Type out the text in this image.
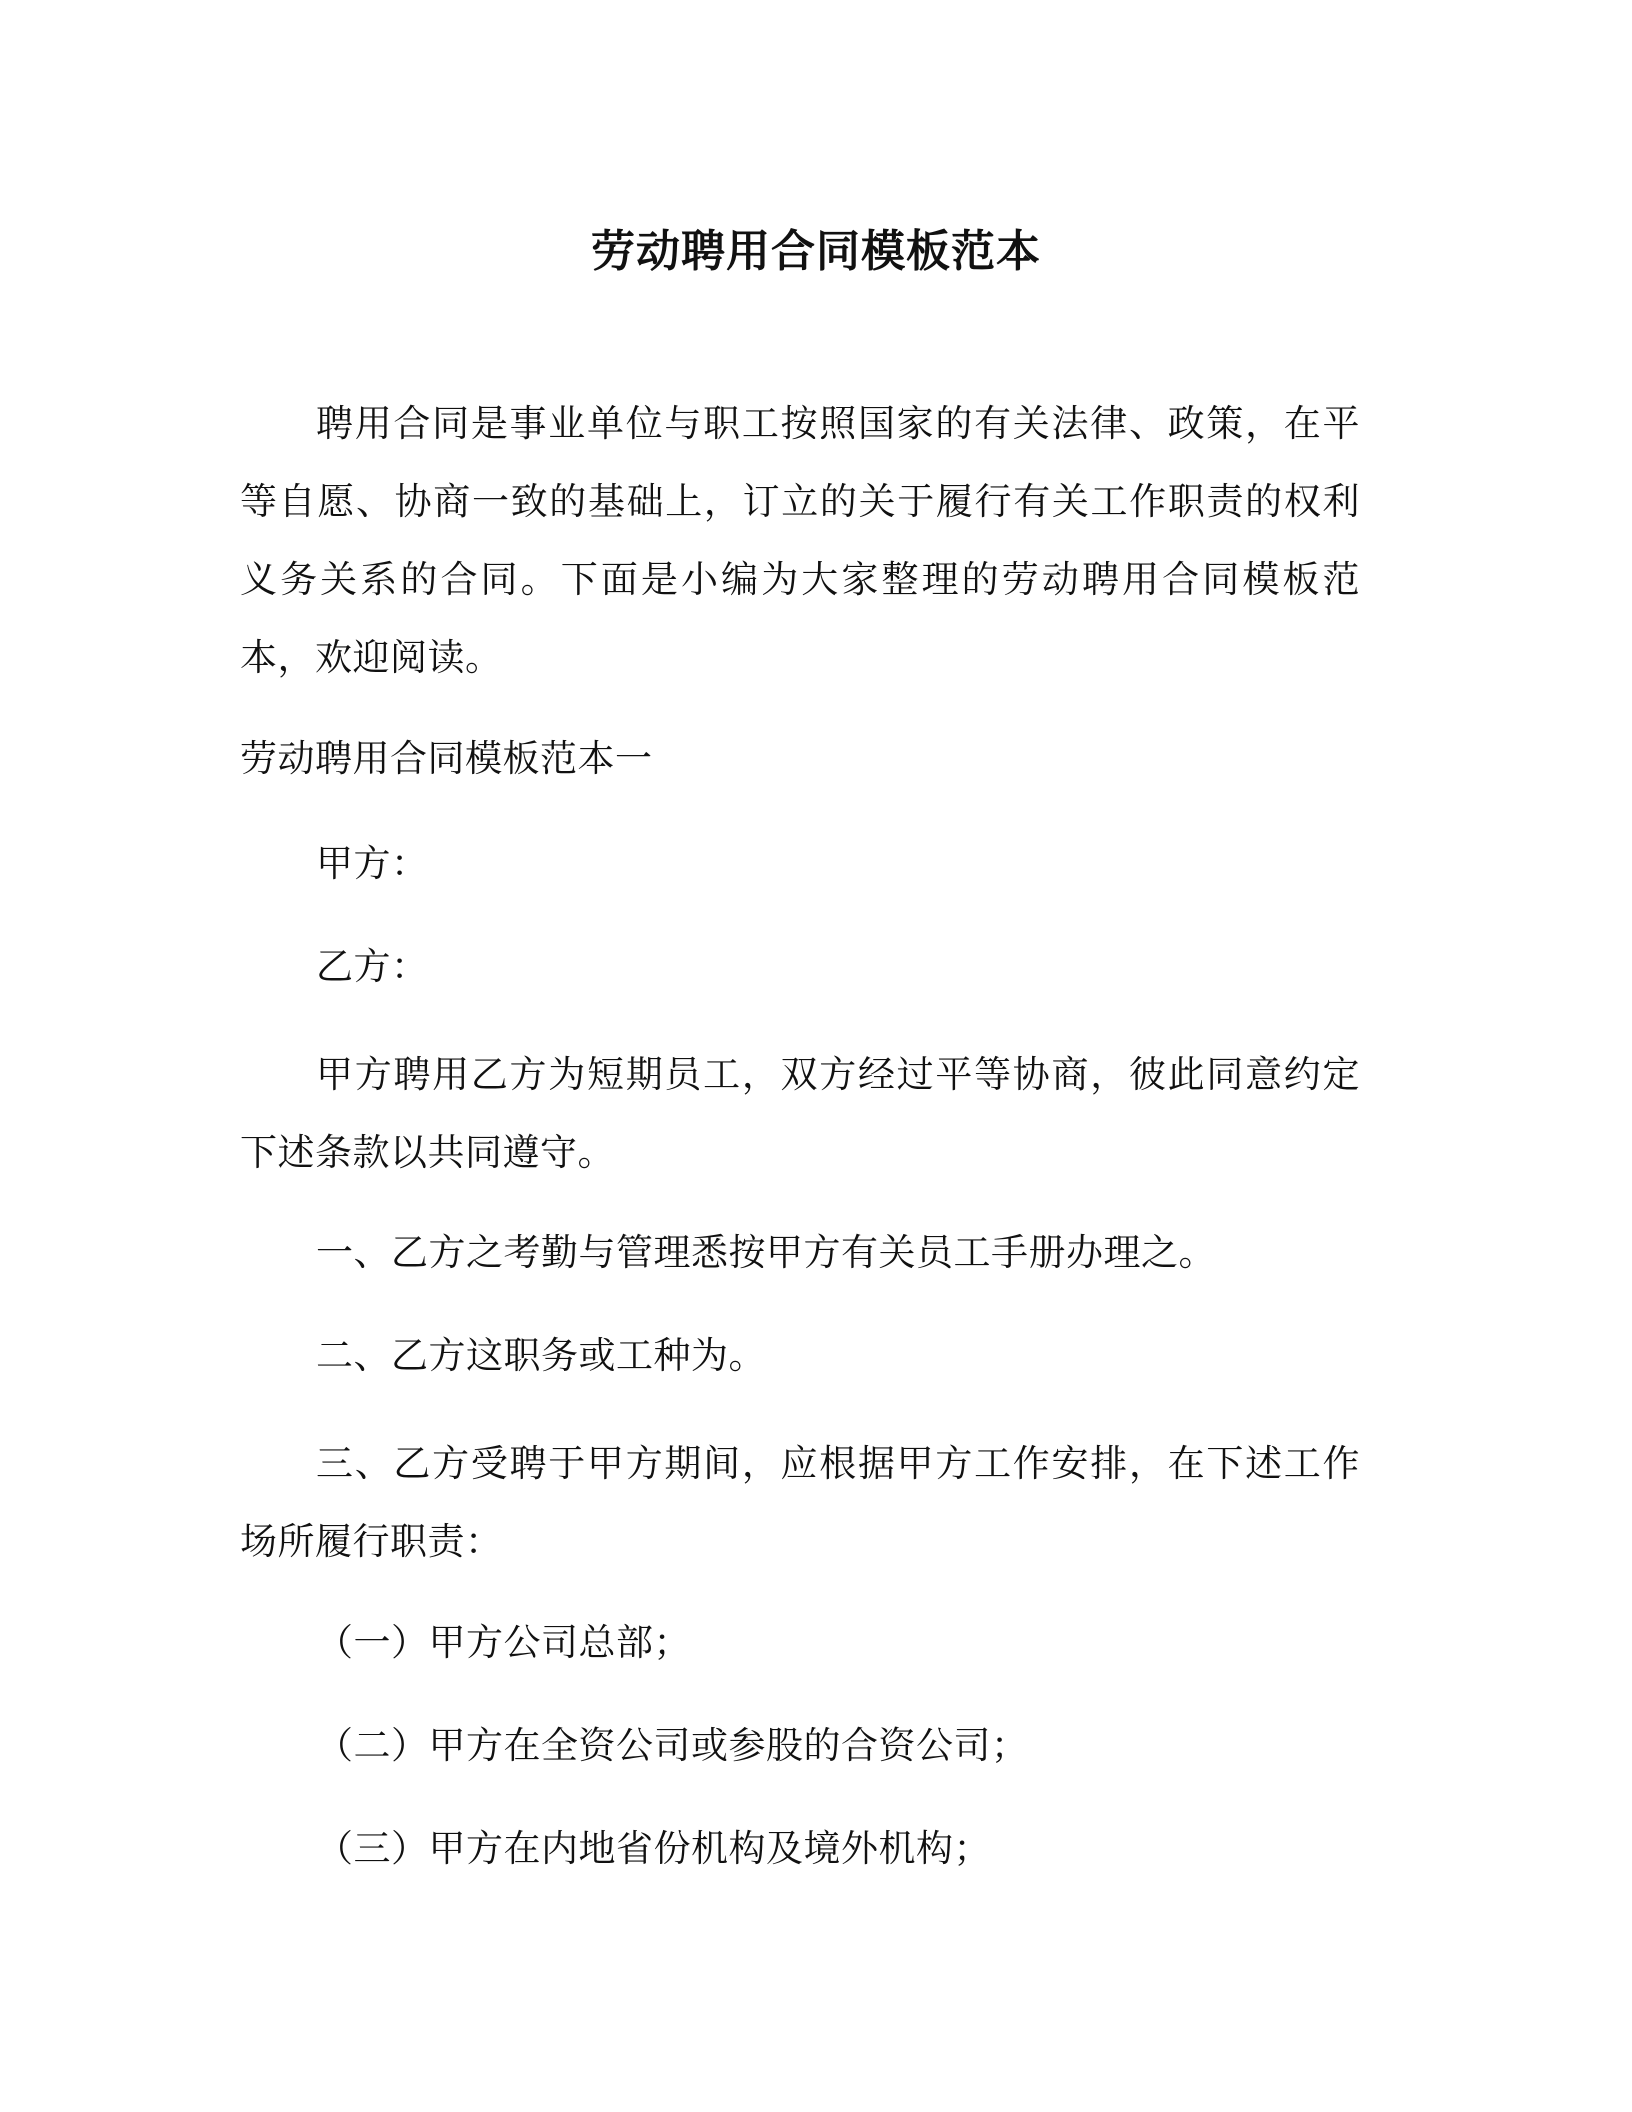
劳动聘用合同模板范本
聘用合同是事业单位与职工按照国家的有关法律、政策，在平等自愿、协商一致的基础上，订立的关于履行有关工作职责的权利义务关系的合同。下面是小编为大家整理的劳动聘用合同模板范本，欢迎阅读。
劳动聘用合同模板范本一
甲方：
乙方：
甲方聘用乙方为短期员工，双方经过平等协商，彼此同意约定下述条款以共同遵守。
一、乙方之考勤与管理悉按甲方有关员工手册办理之。
二、乙方这职务或工种为。
三、乙方受聘于甲方期间，应根据甲方工作安排，在下述工作场所履行职责：
（一）甲方公司总部；
（二）甲方在全资公司或参股的合资公司；
（三）甲方在内地省份机构及境外机构；
